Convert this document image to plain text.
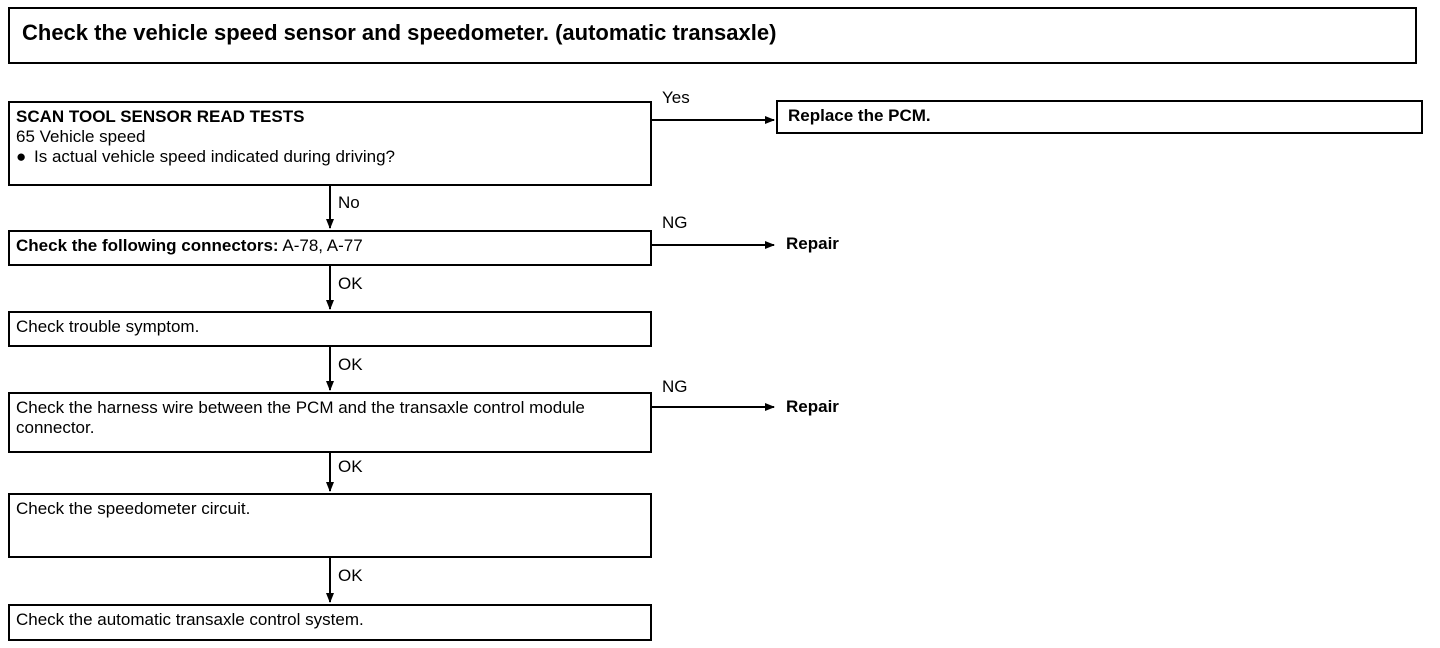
Check the vehicle speed sensor and speedometer. (automatic transaxle)
SCAN TOOL SENSOR READ TESTS
65 Vehicle speed
● Is actual vehicle speed indicated during driving?
Replace the PCM.
Check the following connectors: A-78, A-77
Check trouble symptom.
Check the harness wire between the PCM and the transaxle control module connector.
Check the speedometer circuit.
Check the automatic transaxle control system.
Yes
No
NG
OK
OK
NG
OK
OK
Repair
Repair
